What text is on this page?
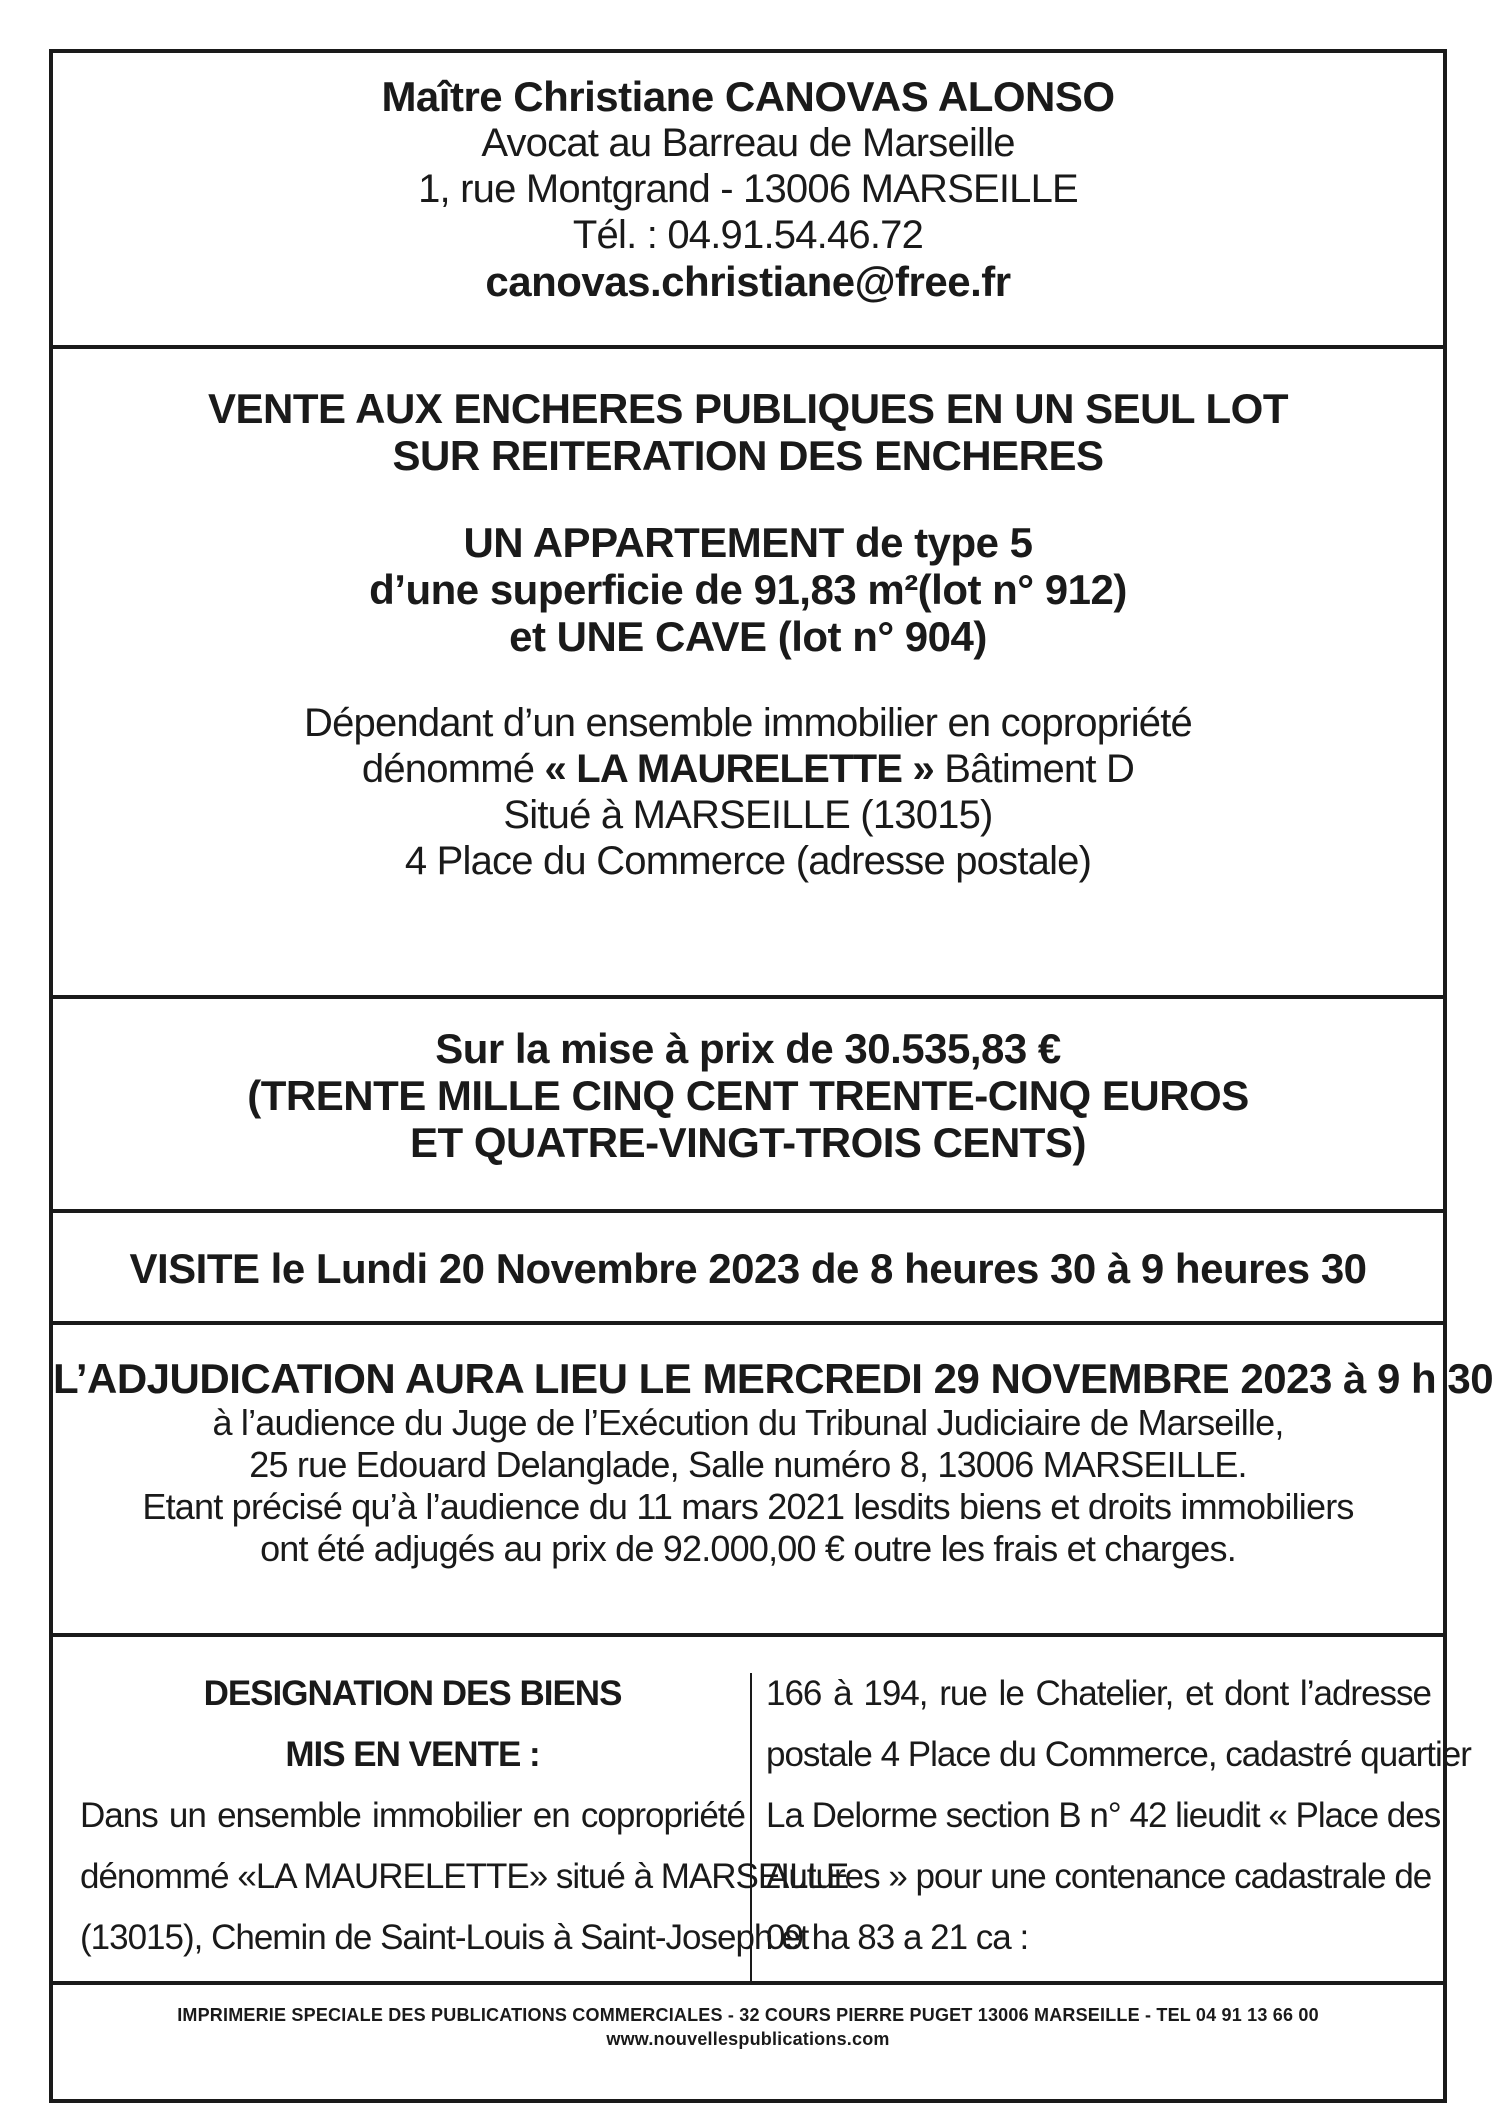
Maître Christiane CANOVAS ALONSO
Avocat au Barreau de Marseille
1, rue Montgrand - 13006 MARSEILLE
Tél. : 04.91.54.46.72
canovas.christiane@free.fr
VENTE AUX ENCHERES PUBLIQUES EN UN SEUL LOT
SUR REITERATION DES ENCHERES
UN APPARTEMENT de type 5
d’une superficie de 91,83 m²(lot n° 912)
et UNE CAVE (lot n° 904)
Dépendant d’un ensemble immobilier en copropriété
dénommé « LA MAURELETTE » Bâtiment D
Situé à MARSEILLE (13015)
4 Place du Commerce (adresse postale)
Sur la mise à prix de 30.535,83 €
(TRENTE MILLE CINQ CENT TRENTE-CINQ EUROS
ET QUATRE-VINGT-TROIS CENTS)
VISITE le Lundi 20 Novembre 2023 de 8 heures 30 à 9 heures 30
L’ADJUDICATION AURA LIEU LE MERCREDI 29 NOVEMBRE 2023 à 9 h 30
à l’audience du Juge de l’Exécution du Tribunal Judiciaire de Marseille,
25 rue Edouard Delanglade, Salle numéro 8, 13006 MARSEILLE.
Etant précisé qu’à l’audience du 11 mars 2021 lesdits biens et droits immobiliers
ont été adjugés au prix de 92.000,00 € outre les frais et charges.
DESIGNATION DES BIENS
MIS EN VENTE :
Dans un ensemble immobilier en copropriété
dénommé «LA MAURELETTE» situé à MARSEILLE
(13015), Chemin de Saint-Louis à Saint-Joseph et
166 à 194, rue le Chatelier, et dont l’adresse
postale 4 Place du Commerce, cadastré quartier
La Delorme section B n° 42 lieudit « Place des
Autures » pour une contenance cadastrale de
09 ha 83 a 21 ca :
IMPRIMERIE SPECIALE DES PUBLICATIONS COMMERCIALES - 32 COURS PIERRE PUGET 13006 MARSEILLE - TEL 04 91 13 66 00
www.nouvellespublications.com
